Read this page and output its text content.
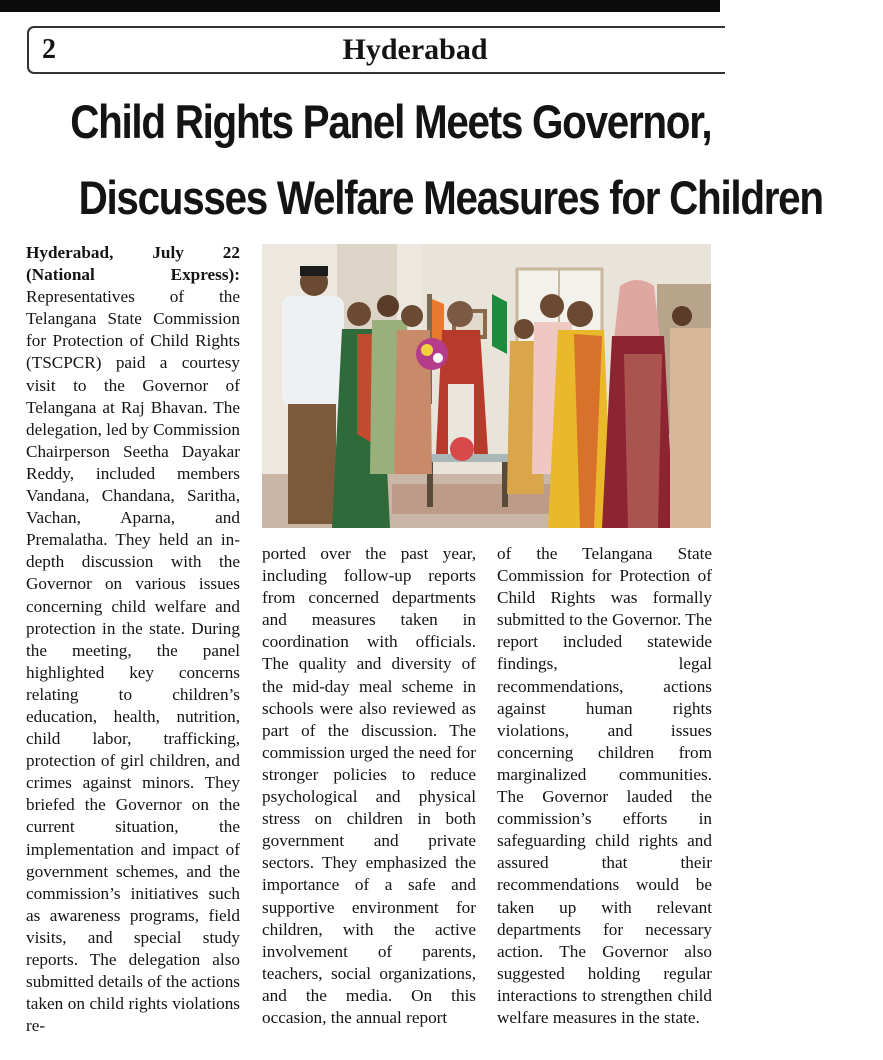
2	Hyderabad
Child Rights Panel Meets Governor,
Discusses Welfare Measures for Children

Hyderabad, July 22 (National Express): Representatives of the Telangana State Commission for Protection of Child Rights (TSCPCR) paid a courtesy visit to the Governor of Telangana at Raj Bhavan. The delegation, led by Commission Chairperson Seetha Dayakar Reddy, included members Vandana, Chandana, Saritha, Vachan, Aparna, and Premalatha. They held an in-depth discussion with the Governor on various issues concerning child welfare and protection in the state. During the meeting, the panel highlighted key concerns relating to children’s education, health, nutrition, child labor, trafficking, protection of girl children, and crimes against minors. They briefed the Governor on the current situation, the implementation and impact of government schemes, and the commission’s initiatives such as awareness programs, field visits, and special study reports. The delegation also submitted details of the actions taken on child rights violations re-

ported over the past year, including follow-up reports from concerned departments and measures taken in coordination with officials. The quality and diversity of the mid-day meal scheme in schools were also reviewed as part of the discussion. The commission urged the need for stronger policies to reduce psychological and physical stress on children in both government and private sectors. They emphasized the importance of a safe and supportive environment for children, with the active involvement of parents, teachers, social organizations, and the media. On this occasion, the annual report

of the Telangana State Commission for Protection of Child Rights was formally submitted to the Governor. The report included statewide findings, legal recommendations, actions against human rights violations, and issues concerning children from marginalized communities. The Governor lauded the commission’s efforts in safeguarding child rights and assured that their recommendations would be taken up with relevant departments for necessary action. The Governor also suggested holding regular interactions to strengthen child welfare measures in the state.
